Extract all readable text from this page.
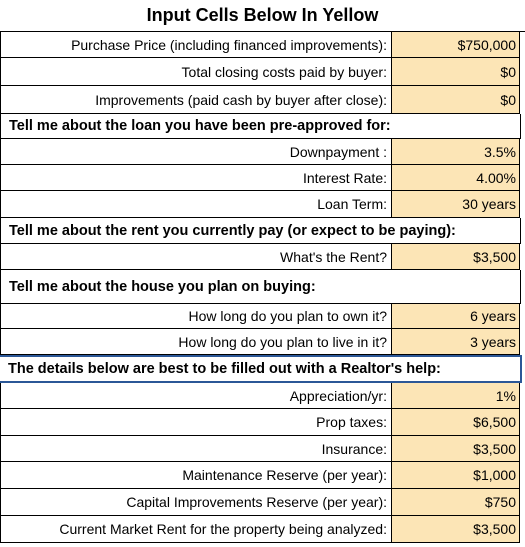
Input Cells Below In Yellow
Purchase Price (including financed improvements):	$750,000
Total closing costs paid by buyer:	$0
Improvements (paid cash by buyer after close):	$0
Tell me about the loan you have been pre-approved for:
Downpayment :	3.5%
Interest Rate:	4.00%
Loan Term:	30 years
Tell me about the rent you currently pay (or expect to be paying):
What's the Rent?	$3,500
Tell me about the house you plan on buying:
How long do you plan to own it?	6 years
How long do you plan to live in it?	3 years
The details below are best to be filled out with a Realtor's help:
Appreciation/yr:	1%
Prop taxes:	$6,500
Insurance:	$3,500
Maintenance Reserve (per year):	$1,000
Capital Improvements Reserve (per year):	$750
Current Market Rent for the property being analyzed:	$3,500
